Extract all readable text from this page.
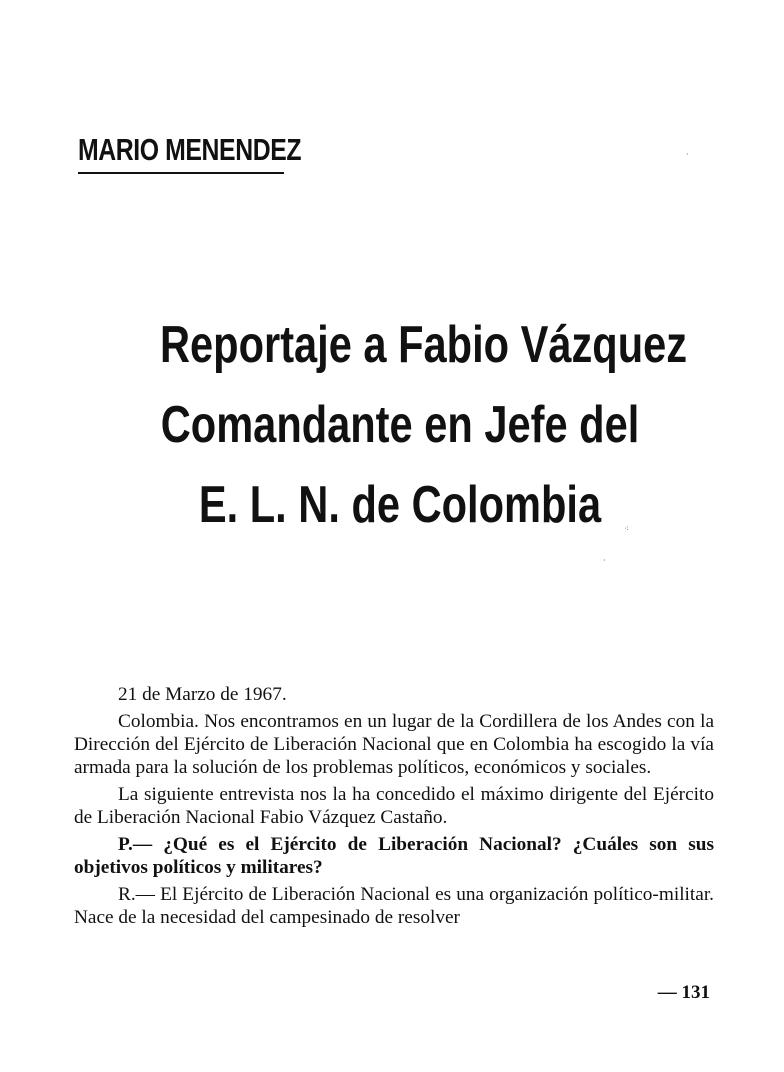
MARIO MENENDEZ
Reportaje a Fabio Vázquez
Comandante en Jefe del
E. L. N. de Colombia
·
⁖
·

21 de Marzo de 1967.

Colombia. Nos encontramos en un lugar de la Cordillera de los Andes con la Dirección del Ejército de Liberación Nacional que en Colombia ha escogido la vía armada para la solución de los problemas políticos, económicos y sociales.

La siguiente entrevista nos la ha concedido el máximo dirigente del Ejército de Liberación Nacional Fabio Vázquez Castaño.

P.— ¿Qué es el Ejército de Liberación Nacional? ¿Cuáles son sus objetivos políticos y militares?

R.— El Ejército de Liberación Nacional es una organización político-militar. Nace de la necesidad del campesinado de resolver

— 131
